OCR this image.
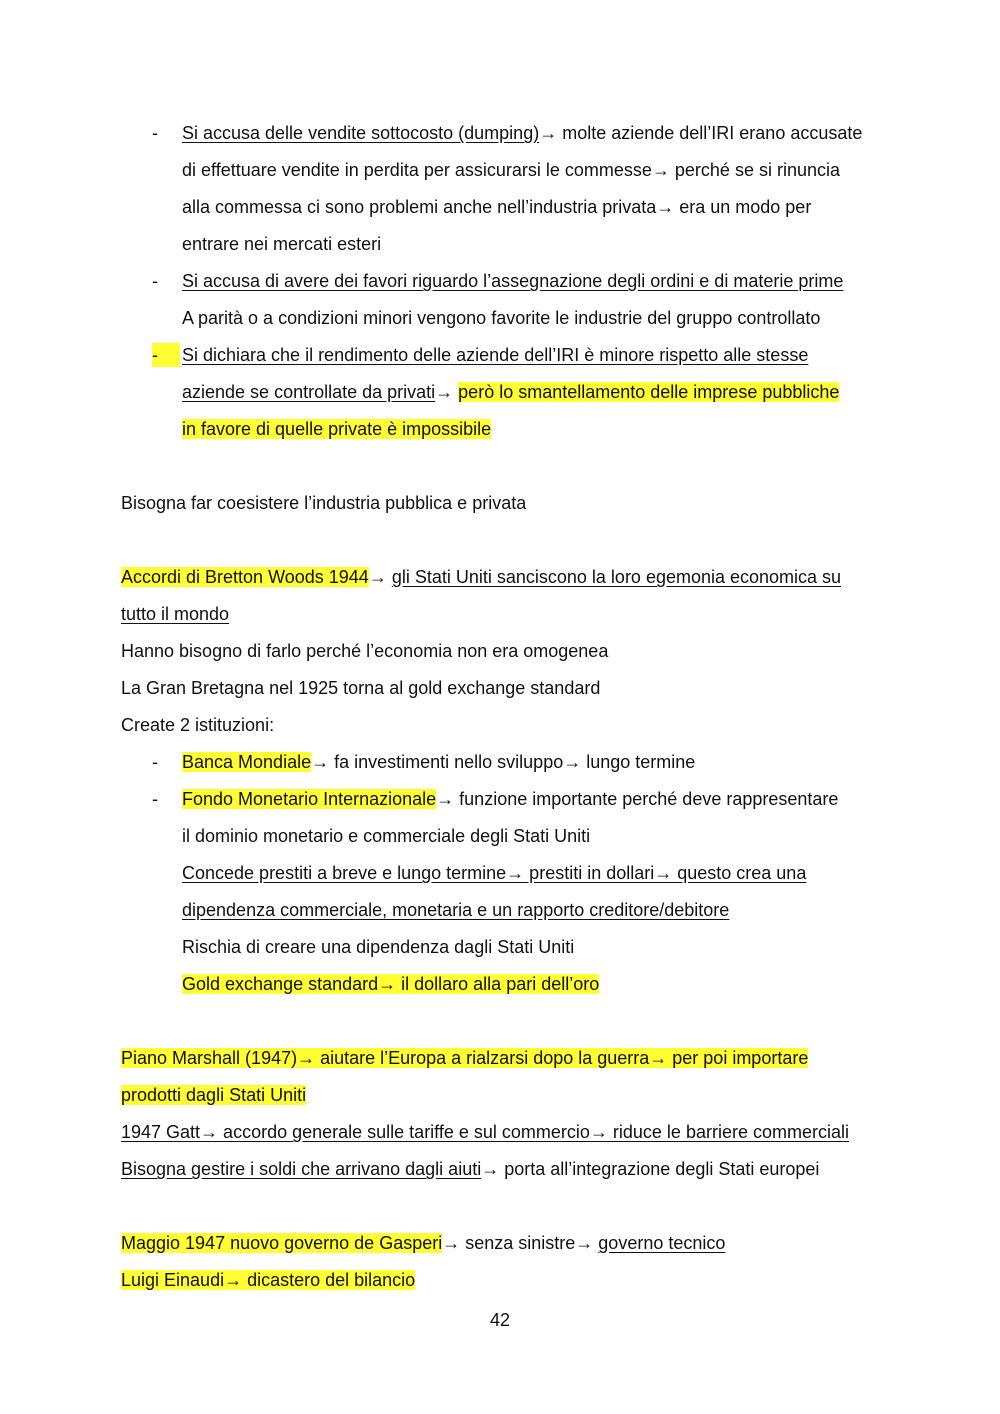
-	Si accusa delle vendite sottocosto (dumping)→ molte aziende dell’IRI erano accusate
di effettuare vendite in perdita per assicurarsi le commesse→ perché se si rinuncia
alla commessa ci sono problemi anche nell’industria privata→ era un modo per
entrare nei mercati esteri
-	Si accusa di avere dei favori riguardo l’assegnazione degli ordini e di materie prime
A parità o a condizioni minori vengono favorite le industrie del gruppo controllato
-	Si dichiara che il rendimento delle aziende dell’IRI è minore rispetto alle stesse
aziende se controllate da privati→ però lo smantellamento delle imprese pubbliche
in favore di quelle private è impossibile
Bisogna far coesistere l’industria pubblica e privata
Accordi di Bretton Woods 1944→ gli Stati Uniti sanciscono la loro egemonia economica su
tutto il mondo
Hanno bisogno di farlo perché l’economia non era omogenea
La Gran Bretagna nel 1925 torna al gold exchange standard
Create 2 istituzioni:
-	Banca Mondiale→ fa investimenti nello sviluppo→ lungo termine
-	Fondo Monetario Internazionale→ funzione importante perché deve rappresentare
il dominio monetario e commerciale degli Stati Uniti
Concede prestiti a breve e lungo termine→ prestiti in dollari→ questo crea una
dipendenza commerciale, monetaria e un rapporto creditore/debitore
Rischia di creare una dipendenza dagli Stati Uniti
Gold exchange standard→ il dollaro alla pari dell’oro
Piano Marshall (1947)→ aiutare l’Europa a rialzarsi dopo la guerra→ per poi importare
prodotti dagli Stati Uniti
1947 Gatt→ accordo generale sulle tariffe e sul commercio→ riduce le barriere commerciali
Bisogna gestire i soldi che arrivano dagli aiuti→ porta all’integrazione degli Stati europei
Maggio 1947 nuovo governo de Gasperi→ senza sinistre→ governo tecnico
Luigi Einaudi→ dicastero del bilancio
42
